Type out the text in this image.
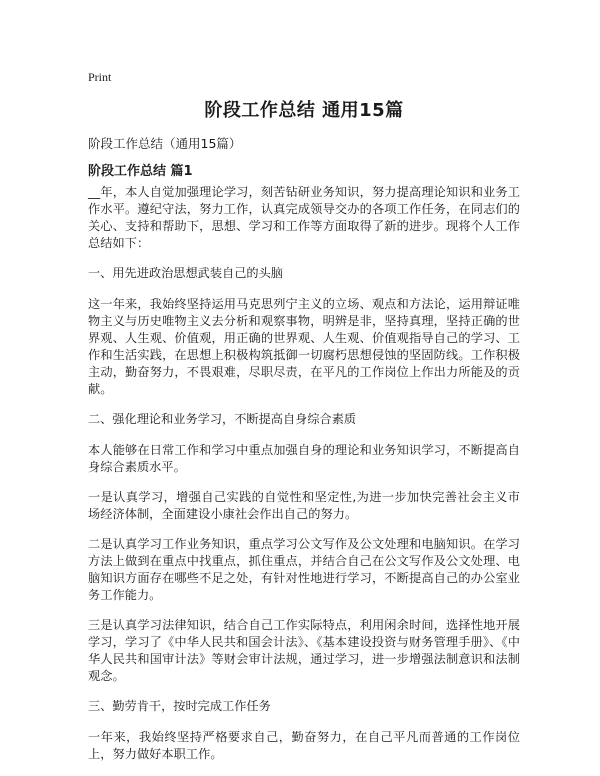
Print
阶段工作总结 通用15篇
阶段工作总结（通用15篇）
阶段工作总结 篇1

__年，本人自觉加强理论学习，刻苦钻研业务知识，努力提高理论知识和业务工作水平。遵纪守法，努力工作，认真完成领导交办的各项工作任务，在同志们的关心、支持和帮助下，思想、学习和工作等方面取得了新的进步。现将个人工作总结如下：

一、用先进政治思想武装自己的头脑

这一年来，我始终坚持运用马克思列宁主义的立场、观点和方法论，运用辩证唯物主义与历史唯物主义去分析和观察事物，明辨是非，坚持真理，坚持正确的世界观、人生观、价值观，用正确的世界观、人生观、价值观指导自己的学习、工作和生活实践，在思想上积极构筑抵御一切腐朽思想侵蚀的坚固防线。工作积极主动，勤奋努力，不畏艰难，尽职尽责，在平凡的工作岗位上作出力所能及的贡献。

二、强化理论和业务学习，不断提高自身综合素质

本人能够在日常工作和学习中重点加强自身的理论和业务知识学习，不断提高自身综合素质水平。

一是认真学习，增强自己实践的自觉性和坚定性,为进一步加快完善社会主义市场经济体制，全面建设小康社会作出自己的努力。

二是认真学习工作业务知识，重点学习公文写作及公文处理和电脑知识。在学习方法上做到在重点中找重点，抓住重点，并结合自己在公文写作及公文处理、电脑知识方面存在哪些不足之处，有针对性地进行学习，不断提高自己的办公室业务工作能力。

三是认真学习法律知识，结合自己工作实际特点，利用闲余时间，选择性地开展学习，学习了《中华人民共和国会计法》、《基本建设投资与财务管理手册》、《中华人民共和国审计法》等财会审计法规，通过学习，进一步增强法制意识和法制观念。

三、勤劳肯干，按时完成工作任务

一年来，我始终坚持严格要求自己，勤奋努力，在自己平凡而普通的工作岗位上，努力做好本职工作。
